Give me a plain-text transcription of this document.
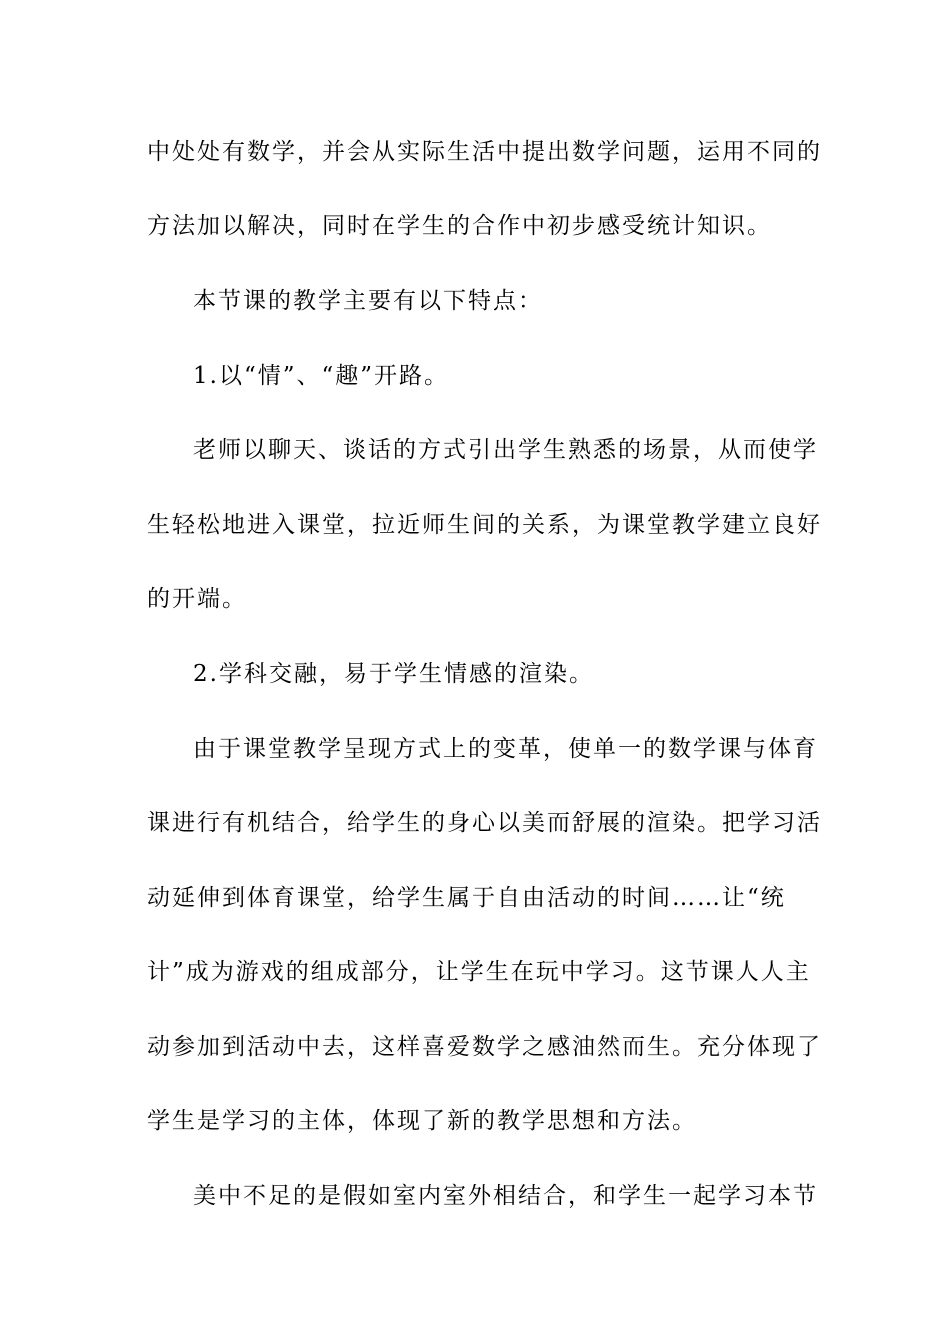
中处处有数学，并会从实际生活中提出数学问题，运用不同的
方法加以解决，同时在学生的合作中初步感受统计知识。
本节课的教学主要有以下特点：
1.以“情”、“趣”开路。
老师以聊天、谈话的方式引出学生熟悉的场景，从而使学
生轻松地进入课堂，拉近师生间的关系，为课堂教学建立良好
的开端。
2.学科交融，易于学生情感的渲染。
由于课堂教学呈现方式上的变革，使单一的数学课与体育
课进行有机结合，给学生的身心以美而舒展的渲染。把学习活
动延伸到体育课堂，给学生属于自由活动的时间……让“统
计”成为游戏的组成部分，让学生在玩中学习。这节课人人主
动参加到活动中去，这样喜爱数学之感油然而生。充分体现了
学生是学习的主体，体现了新的教学思想和方法。
美中不足的是假如室内室外相结合，和学生一起学习本节
